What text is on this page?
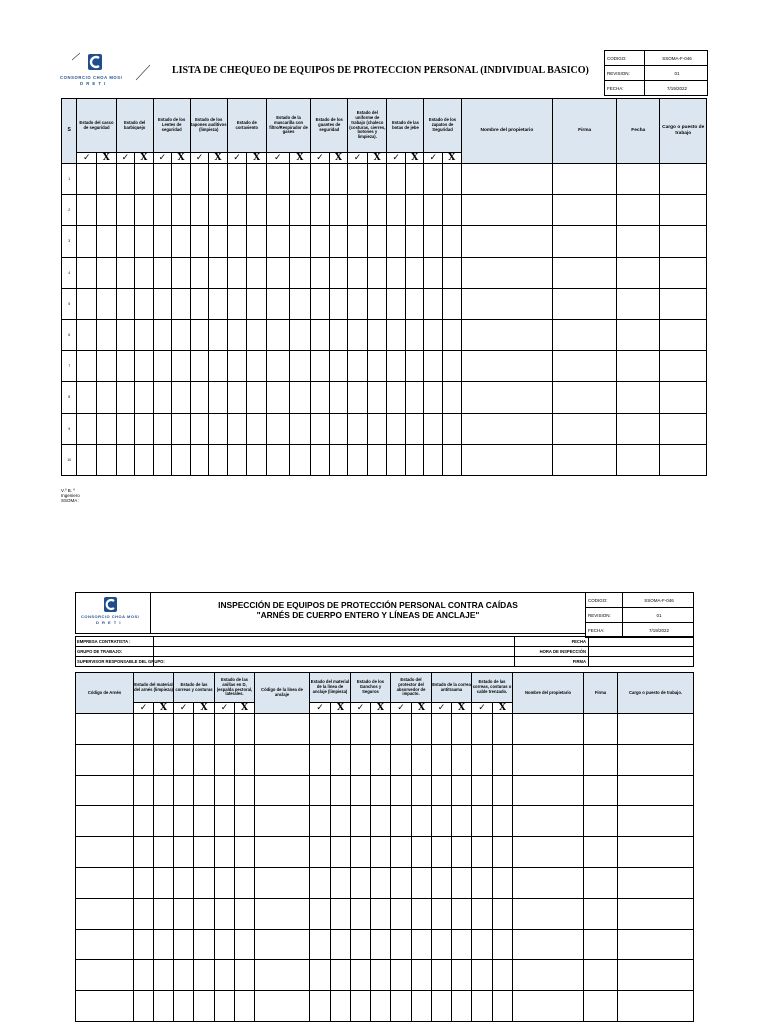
CONSORCIO CHOA MOSI
D R E T I
LISTA DE CHEQUEO DE EQUIPOS DE PROTECCION PERSONAL (INDIVIDUAL BASICO)
CODIGO:	SSOMA-F-046
REVISION:	01
FECHA:	7/19/2022
S	Estado del casco de seguridad		Estado del barbiquejo		Estado de los Lentes de seguridad		Estado de los tapones auditivos (limpieza)		Estado de cortaviento		Estado de la mascarilla con filtro/Respirador de gases		Estado de los guantes de seguridad		Estado del uniforme de trabajo (chaleco (costuras, cierres, botones y limpieza).		Estado de las botas de jebe		Estado de los zapatos de Seguridad		Nombre del propietario	Firma	Fecha	Cargo o puesto de trabajo
	✓	X	✓	X	✓	X	✓	X	✓	X	✓	X	✓	X	✓	X	✓	X	✓	X				
1																								
2																								
3																								
4																								
5																								
6																								
7																								
8																								
9																								
10																								
V.º B. º Ingeniero SSOMA :
CONSORCIO CHOA MOSI
D R E T I
INSPECCIÓN DE EQUIPOS DE PROTECCIÓN PERSONAL CONTRA CAÍDAS
"ARNÉS DE CUERPO ENTERO Y LÍNEAS DE ANCLAJE"
CODIGO:	SSOMA-F-046
REVISION:	01
FECHA:	7/19/2022
EMPRESA CONTRATISTA :		FECHA	
GRUPO DE TRABAJO:		HORA DE INSPECCIÓN	
SUPERVISOR RESPONSABLE DEL GRUPO:		FIRMA	
Código de Arnés	Estado del material del arnés (limpieza)		Estado de las correas y costuras		Estado de las anillas en D, (espalda pectoral, laterales.		Código de la línea de anclaje	Estado del material de la línea de anclaje (limpieza)		Estado de los Ganchos y Seguros		Estado del protector del absorvedor de impacto.		Estado de la correa antitrauma		Estado de las correas, costuras o cable trenzado.		Nombre del propietario	Firma	Cargo o puesto de trabajo.
	✓	X	✓	X	✓	X		✓	X	✓	X	✓	X	✓	X	✓	X			
